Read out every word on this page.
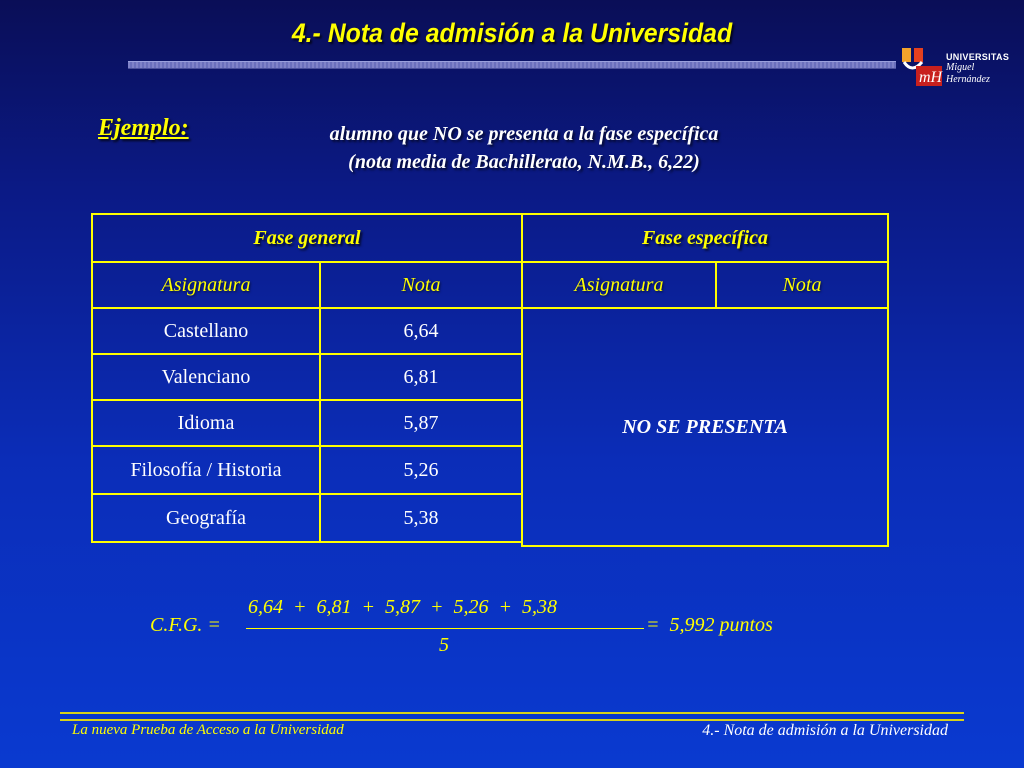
4.- Nota de admisión a la Universidad
mH
UNIVERSITAS
Miguel
Hernández
Ejemplo:	alumno que NO se presenta a la fase específica
(nota media de Bachillerato, N.M.B., 6,22)
Fase general	
Asignatura	Nota
Castellano	6,64
Valenciano	6,81
Idioma	5,87
Filosofía / Historia	5,26
Geografía	5,38
Fase específica
Asignatura	Nota
NO SE PRESENTA
C.F.G. =
6,64  +  6,81  +  5,87  +  5,26  +  5,38
5
=  5,992 puntos
La nueva Prueba de Acceso a la Universidad	4.- Nota de admisión a la Universidad
